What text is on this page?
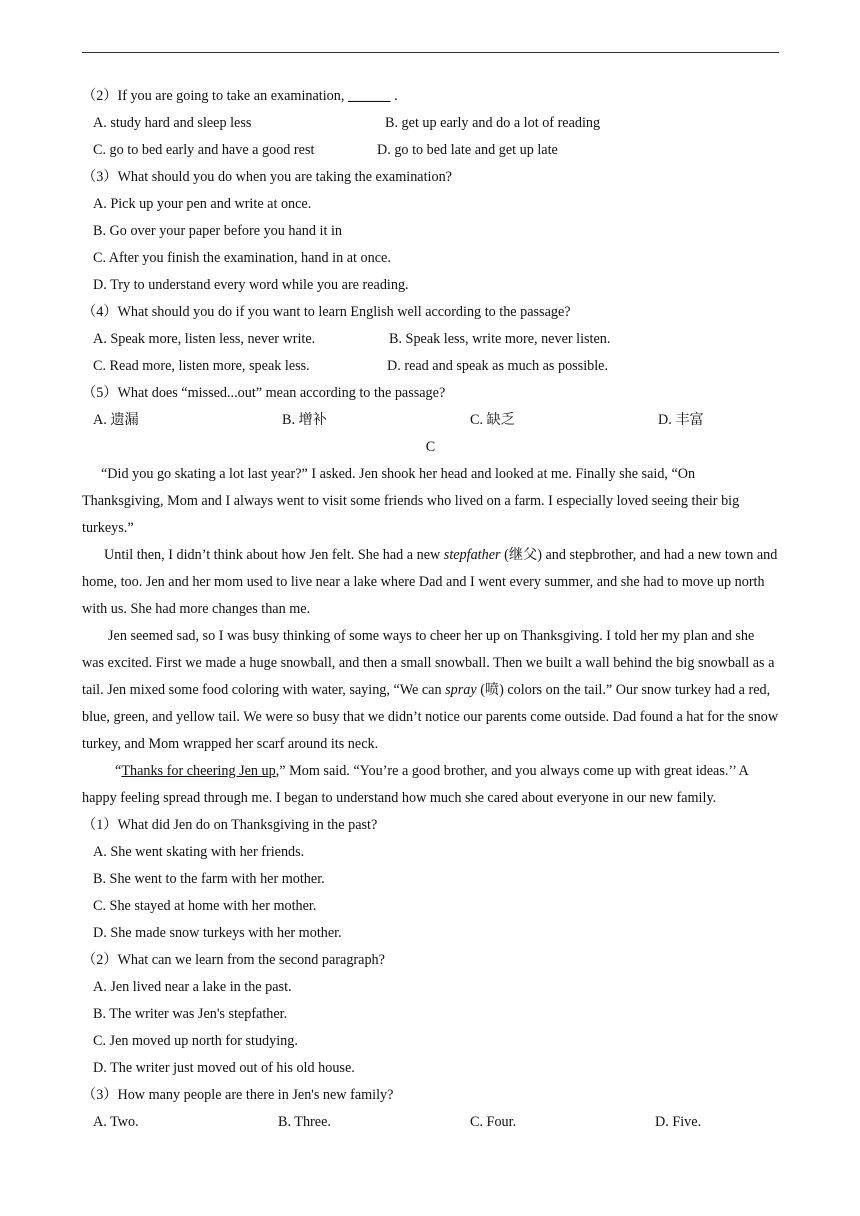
（2）If you are going to take an examination, ______ .
A. study hard and sleep less	B. get up early and do a lot of reading
C. go to bed early and have a good rest	D. go to bed late and get up late
（3）What should you do when you are taking the examination?
A. Pick up your pen and write at once.
B. Go over your paper before you hand it in
C. After you finish the examination, hand in at once.
D. Try to understand every word while you are reading.
（4）What should you do if you want to learn English well according to the passage?
A. Speak more, listen less, never write.	B. Speak less, write more, never listen.
C. Read more, listen more, speak less.	D. read and speak as much as possible.
（5）What does “missed...out” mean according to the passage?
A. 遗漏	B. 增补	C. 缺乏	D. 丰富
C
“Did you go skating a lot last year?” I asked. Jen shook her head and looked at me. Finally she said, “On Thanksgiving, Mom and I always went to visit some friends who lived on a farm. I especially loved seeing their big turkeys.”
Until then, I didn’t think about how Jen felt. She had a new stepfather (继父) and stepbrother, and had a new town and home, too. Jen and her mom used to live near a lake where Dad and I went every summer, and she had to move up north with us. She had more changes than me.
Jen seemed sad, so I was busy thinking of some ways to cheer her up on Thanksgiving. I told her my plan and she was excited. First we made a huge snowball, and then a small snowball. Then we built a wall behind the big snowball as a tail. Jen mixed some food coloring with water, saying, “We can spray (喷) colors on the tail.” Our snow turkey had a red, blue, green, and yellow tail. We were so busy that we didn’t notice our parents come outside. Dad found a hat for the snow turkey, and Mom wrapped her scarf around its neck.
“Thanks for cheering Jen up,” Mom said. “You’re a good brother, and you always come up with great ideas.’’ A happy feeling spread through me. I began to understand how much she cared about everyone in our new family.
（1）What did Jen do on Thanksgiving in the past?
A. She went skating with her friends.
B. She went to the farm with her mother.
C. She stayed at home with her mother.
D. She made snow turkeys with her mother.
（2）What can we learn from the second paragraph?
A. Jen lived near a lake in the past.
B. The writer was Jen's stepfather.
C. Jen moved up north for studying.
D. The writer just moved out of his old house.
（3）How many people are there in Jen's new family?
A. Two.	B. Three.	C. Four.	D. Five.
